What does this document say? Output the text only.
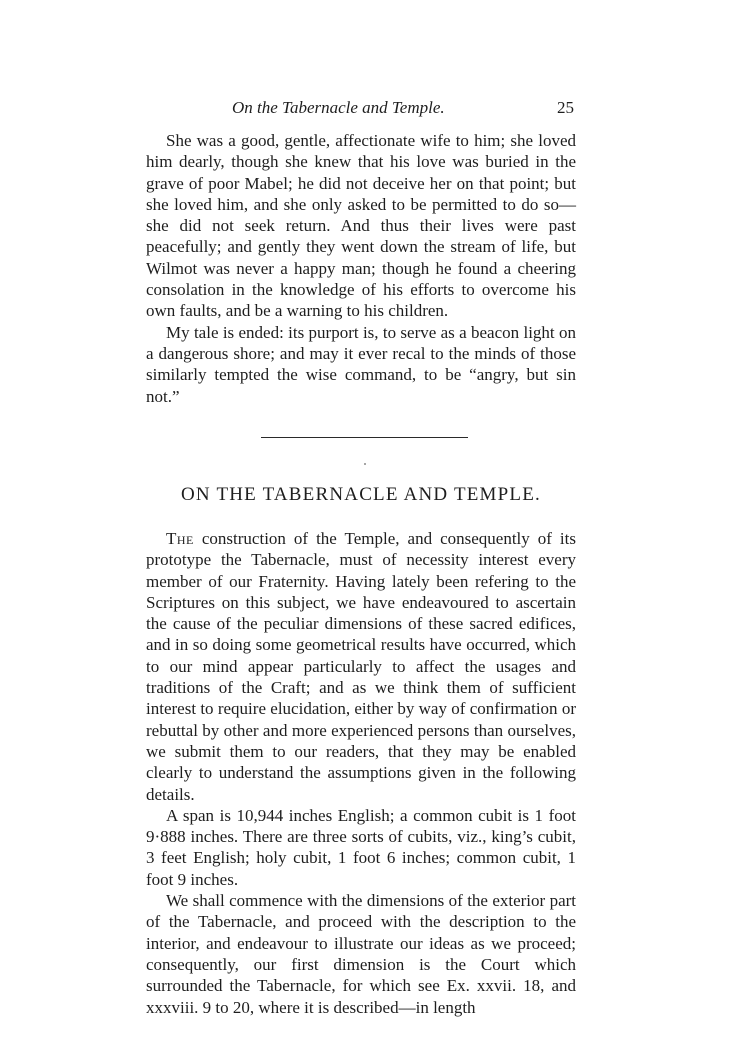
On the Tabernacle and Temple.	25

She was a good, gentle, affectionate wife to him; she loved him dearly, though she knew that his love was buried in the grave of poor Mabel; he did not deceive her on that point; but she loved him, and she only asked to be permitted to do so—she did not seek return. And thus their lives were past peacefully; and gently they went down the stream of life, but Wilmot was never a happy man; though he found a cheering consolation in the knowledge of his efforts to overcome his own faults, and be a warning to his children.

My tale is ended: its purport is, to serve as a beacon light on a dangerous shore; and may it ever recal to the minds of those similarly tempted the wise command, to be “angry, but sin not.”

ON THE TABERNACLE AND TEMPLE.

The construction of the Temple, and consequently of its prototype the Tabernacle, must of necessity interest every member of our Fraternity. Having lately been refering to the Scriptures on this subject, we have endeavoured to ascertain the cause of the peculiar dimensions of these sacred edifices, and in so doing some geometrical results have occurred, which to our mind appear particularly to affect the usages and traditions of the Craft; and as we think them of sufficient interest to require elucidation, either by way of confirmation or rebuttal by other and more experienced persons than ourselves, we submit them to our readers, that they may be enabled clearly to understand the assumptions given in the following details.

A span is 10,944 inches English; a common cubit is 1 foot 9·888 inches. There are three sorts of cubits, viz., king’s cubit, 3 feet English; holy cubit, 1 foot 6 inches; common cubit, 1 foot 9 inches.

We shall commence with the dimensions of the exterior part of the Tabernacle, and proceed with the description to the interior, and endeavour to illustrate our ideas as we proceed; consequently, our first dimension is the Court which surrounded the Tabernacle, for which see Ex. xxvii. 18, and xxxviii. 9 to 20, where it is described—in length
